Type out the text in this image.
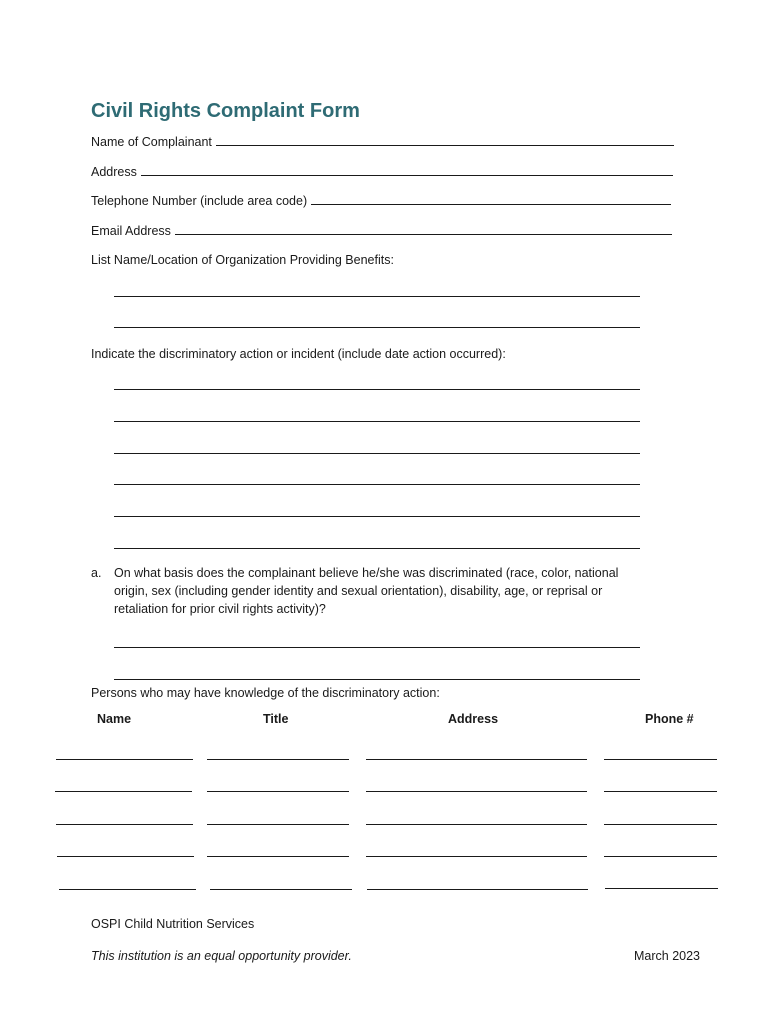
Civil Rights Complaint Form
Name of Complainant
Address
Telephone Number (include area code)
Email Address
List Name/Location of Organization Providing Benefits:
Indicate the discriminatory action or incident (include date action occurred):
a. On what basis does the complainant believe he/she was discriminated (race, color, national origin, sex (including gender identity and sexual orientation), disability, age, or reprisal or retaliation for prior civil rights activity)?
Persons who may have knowledge of the discriminatory action:
Name	Title	Address	Phone #
OSPI Child Nutrition Services
This institution is an equal opportunity provider.	March 2023
